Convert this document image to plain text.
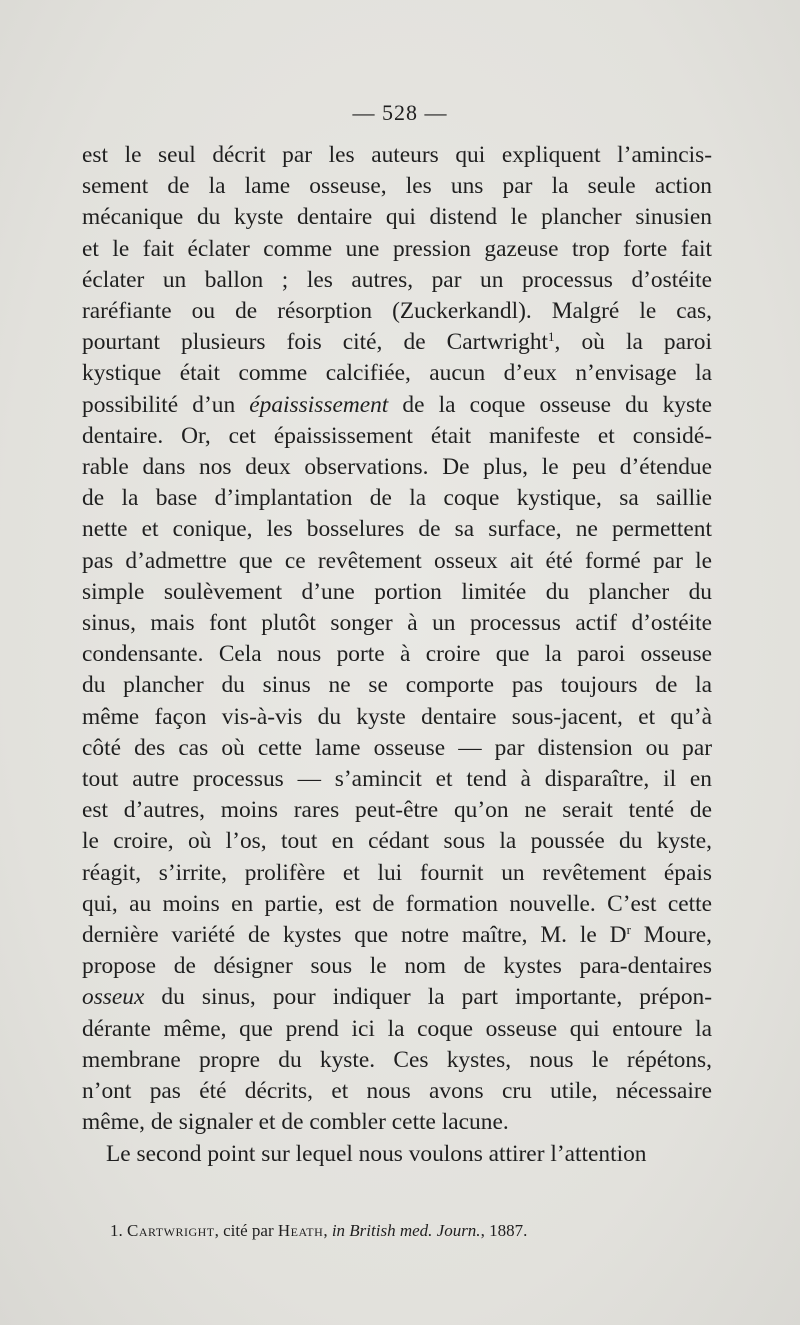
— 528 —
est le seul décrit par les auteurs qui expliquent l’amincis-
sement de la lame osseuse, les uns par la seule action
mécanique du kyste dentaire qui distend le plancher sinusien
et le fait éclater comme une pression gazeuse trop forte fait
éclater un ballon ; les autres, par un processus d’ostéite
raréfiante ou de résorption (Zuckerkandl). Malgré le cas,
pourtant plusieurs fois cité, de Cartwright$^1$, où la paroi
kystique était comme calcifiée, aucun d’eux n’envisage la
possibilité d’un épaississement de la coque osseuse du kyste
dentaire. Or, cet épaississement était manifeste et considé-
rable dans nos deux observations. De plus, le peu d’étendue
de la base d’implantation de la coque kystique, sa saillie
nette et conique, les bosselures de sa surface, ne permettent
pas d’admettre que ce revêtement osseux ait été formé par le
simple soulèvement d’une portion limitée du plancher du
sinus, mais font plutôt songer à un processus actif d’ostéite
condensante. Cela nous porte à croire que la paroi osseuse
du plancher du sinus ne se comporte pas toujours de la
même façon vis-à-vis du kyste dentaire sous-jacent, et qu’à
côté des cas où cette lame osseuse — par distension ou par
tout autre processus — s’amincit et tend à disparaître, il en
est d’autres, moins rares peut-être qu’on ne serait tenté de
le croire, où l’os, tout en cédant sous la poussée du kyste,
réagit, s’irrite, prolifère et lui fournit un revêtement épais
qui, au moins en partie, est de formation nouvelle. C’est cette
dernière variété de kystes que notre maître, M. le $D^r$ Moure,
propose de désigner sous le nom de kystes para-dentaires
osseux du sinus, pour indiquer la part importante, prépon-
dérante même, que prend ici la coque osseuse qui entoure la
membrane propre du kyste. Ces kystes, nous le répétons,
n’ont pas été décrits, et nous avons cru utile, nécessaire
même, de signaler et de combler cette lacune.
Le second point sur lequel nous voulons attirer l’attention
1. Cartwright, cité par Heath, in British med. Journ., 1887.
